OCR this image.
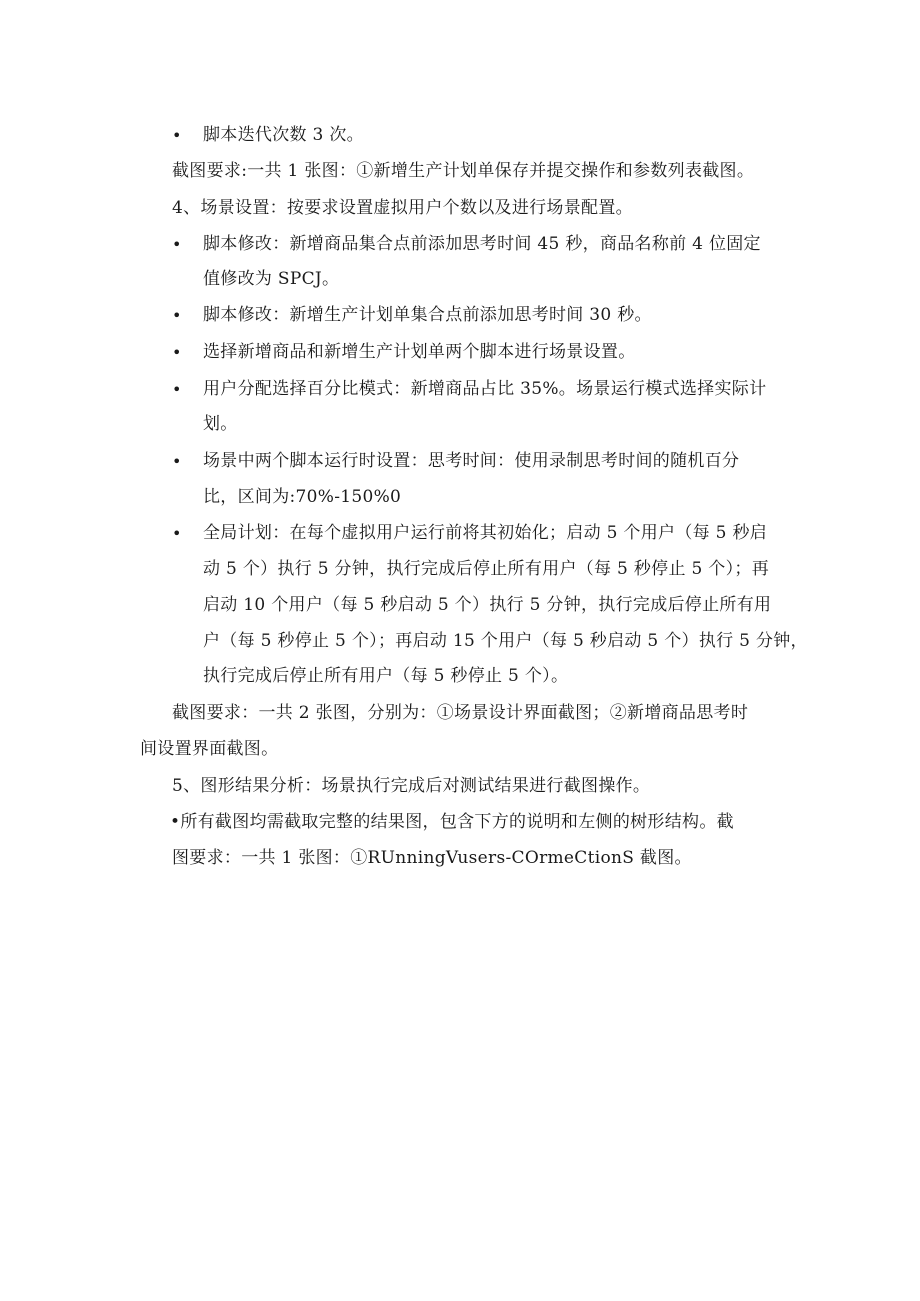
• 脚本迭代次数 3 次。
截图要求:一共 1 张图：①新增生产计划单保存并提交操作和参数列表截图。
4、场景设置：按要求设置虚拟用户个数以及进行场景配置。
• 脚本修改：新增商品集合点前添加思考时间 45 秒，商品名称前 4 位固定
值修改为 SPCJ。
• 脚本修改：新增生产计划单集合点前添加思考时间 30 秒。
• 选择新增商品和新增生产计划单两个脚本进行场景设置。
• 用户分配选择百分比模式：新增商品占比 35%。场景运行模式选择实际计
划。
• 场景中两个脚本运行时设置：思考时间：使用录制思考时间的随机百分
比，区间为:70%-150%0
• 全局计划：在每个虚拟用户运行前将其初始化；启动 5 个用户（每 5 秒启
动 5 个）执行 5 分钟，执行完成后停止所有用户（每 5 秒停止 5 个）；再
启动 10 个用户（每 5 秒启动 5 个）执行 5 分钟，执行完成后停止所有用
户（每 5 秒停止 5 个）；再启动 15 个用户（每 5 秒启动 5 个）执行 5 分钟，
执行完成后停止所有用户（每 5 秒停止 5 个）。
截图要求：一共 2 张图，分别为：①场景设计界面截图；②新增商品思考时
间设置界面截图。
5、图形结果分析：场景执行完成后对测试结果进行截图操作。
•所有截图均需截取完整的结果图，包含下方的说明和左侧的树形结构。截
图要求：一共 1 张图：①RUnningVusers-COrmeCtionS 截图。
